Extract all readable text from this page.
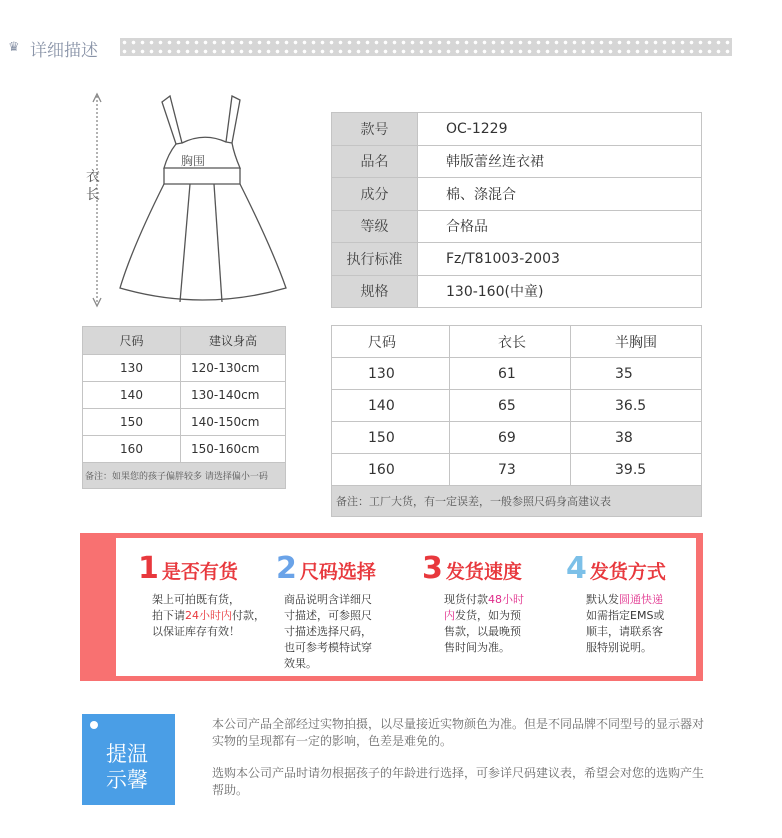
♛ 详细描述
胸围
衣
长
款号	OC-1229
品名	韩版蕾丝连衣裙
成分	棉、涤混合
等级	合格品
执行标准	Fz/T81003-2003
规格	130-160(中童)
尺码	建议身高
130	120-130cm
140	130-140cm
150	140-150cm
160	150-160cm
备注：如果您的孩子偏胖较多 请选择偏小一码	
尺码	衣长	半胸围
130	61	35
140	65	36.5
150	69	38
160	73	39.5
备注：工厂大货，有一定误差，一般参照尺码身高建议表		
1 是否有货
架上可拍既有货，
拍下请24小时内付款，
以保证库存有效！
2 尺码选择
商品说明含详细尺
寸描述，可参照尺
寸描述选择尺码，
也可参考模特试穿
效果。
3 发货速度
现货付款48小时
内发货，如为预
售款，以最晚预
售时间为准。
4 发货方式
默认发圆通快递
如需指定EMS或
顺丰，请联系客
服特别说明。
提温
示馨
本公司产品全部经过实物拍摄，以尽量接近实物颜色为准。但是不同品牌不同型号的显示器对实物的呈现都有一定的影响，色差是难免的。
选购本公司产品时请勿根据孩子的年龄进行选择，可参详尺码建议表，希望会对您的选购产生帮助。
